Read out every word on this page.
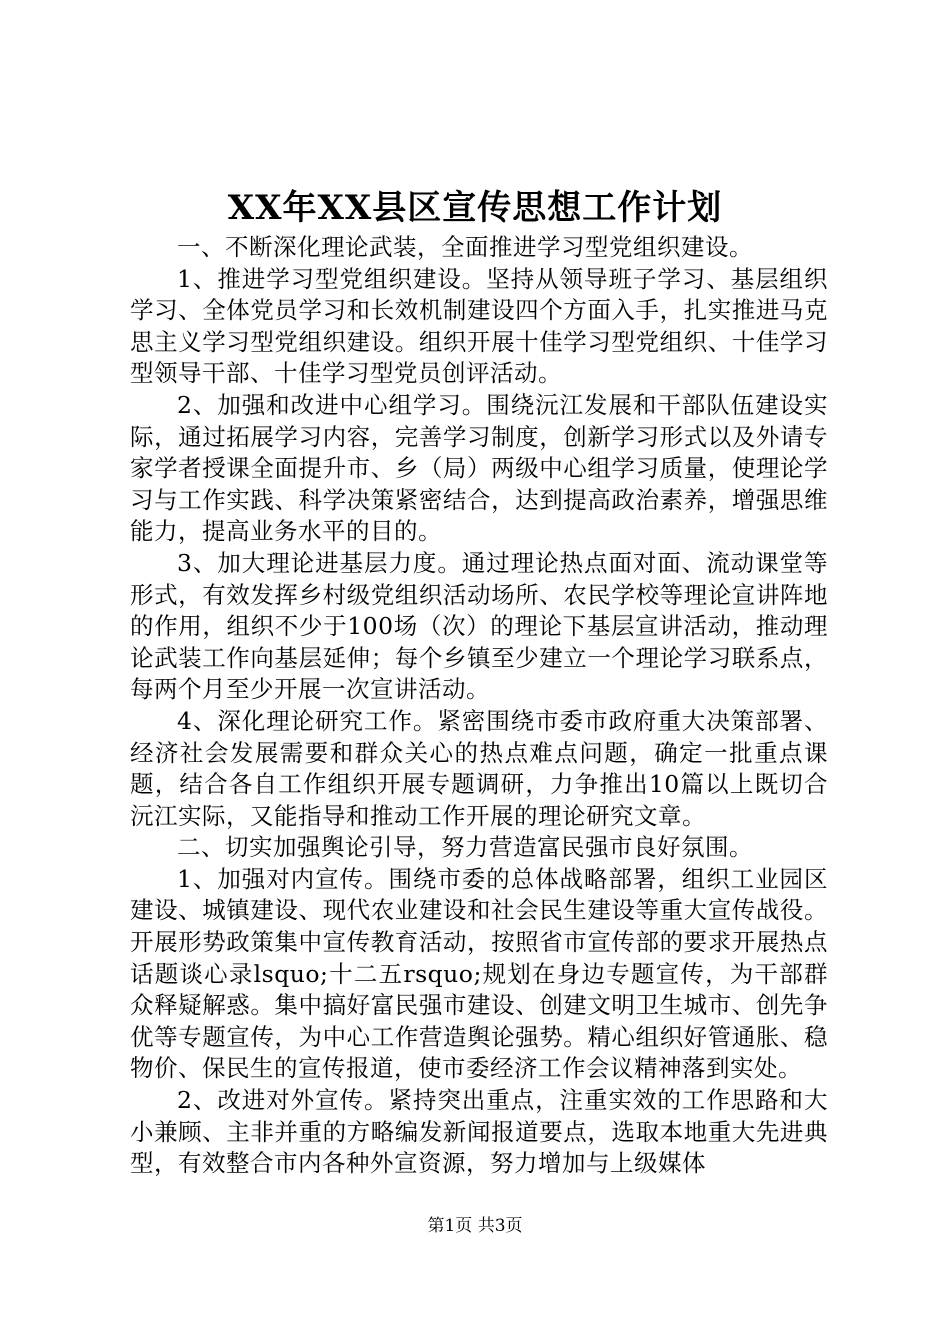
XX年XX县区宣传思想工作计划

一、不断深化理论武装，全面推进学习型党组织建设。

1、推进学习型党组织建设。坚持从领导班子学习、基层组织学习、全体党员学习和长效机制建设四个方面入手，扎实推进马克思主义学习型党组织建设。组织开展十佳学习型党组织、十佳学习型领导干部、十佳学习型党员创评活动。

2、加强和改进中心组学习。围绕沅江发展和干部队伍建设实际，通过拓展学习内容，完善学习制度，创新学习形式以及外请专家学者授课全面提升市、乡（局）两级中心组学习质量，使理论学习与工作实践、科学决策紧密结合，达到提高政治素养，增强思维能力，提高业务水平的目的。

3、加大理论进基层力度。通过理论热点面对面、流动课堂等形式，有效发挥乡村级党组织活动场所、农民学校等理论宣讲阵地的作用，组织不少于100场（次）的理论下基层宣讲活动，推动理论武装工作向基层延伸；每个乡镇至少建立一个理论学习联系点，每两个月至少开展一次宣讲活动。

4、深化理论研究工作。紧密围绕市委市政府重大决策部署、经济社会发展需要和群众关心的热点难点问题，确定一批重点课题，结合各自工作组织开展专题调研，力争推出10篇以上既切合沅江实际，又能指导和推动工作开展的理论研究文章。

二、切实加强舆论引导，努力营造富民强市良好氛围。

1、加强对内宣传。围绕市委的总体战略部署，组织工业园区建设、城镇建设、现代农业建设和社会民生建设等重大宣传战役。开展形势政策集中宣传教育活动，按照省市宣传部的要求开展热点话题谈心录lsquo;十二五rsquo;规划在身边专题宣传，为干部群众释疑解惑。集中搞好富民强市建设、创建文明卫生城市、创先争优等专题宣传，为中心工作营造舆论强势。精心组织好管通胀、稳物价、保民生的宣传报道，使市委经济工作会议精神落到实处。

2、改进对外宣传。紧持突出重点，注重实效的工作思路和大小兼顾、主非并重的方略编发新闻报道要点，选取本地重大先进典型，有效整合市内各种外宣资源，努力增加与上级媒体

第1页 共3页
